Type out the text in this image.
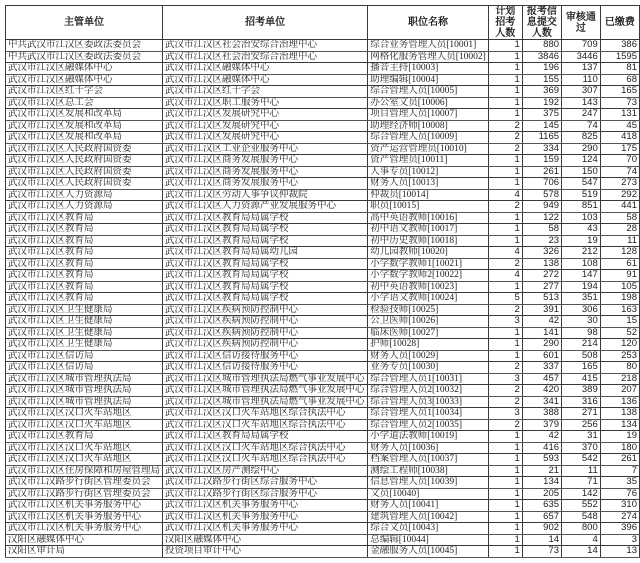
主管单位	招考单位	职位名称	计划招考人数	报考信息提交人数	审核通过	已缴费
中共武汉市江汉区委政法委员会	武汉市江汉区社会治安综合治理中心	综合业务管理人员[10001]	1	880	709	386
中共武汉市江汉区委政法委员会	武汉市江汉区社会治安综合治理中心	网格化服务管理人员[10002]	1	3846	3446	1595
武汉市江汉区融媒体中心	武汉市江汉区融媒体中心	播音主持[10003]	1	196	137	81
武汉市江汉区融媒体中心	武汉市江汉区融媒体中心	助理编辑[10004]	1	155	110	68
武汉市江汉区红十字会	武汉市江汉区红十字会	综合管理人员[10005]	1	369	307	165
武汉市江汉区总工会	武汉市江汉区职工服务中心	办公室文员[10006]	1	192	143	73
武汉市江汉区发展和改革局	武汉市江汉区发展研究中心	项目管理人员[10007]	1	375	247	131
武汉市江汉区发展和改革局	武汉市江汉区发展研究中心	助理经济师[10008]	2	145	74	45
武汉市江汉区发展和改革局	武汉市江汉区发展研究中心	综合管理人员[10009]	2	1165	825	418
武汉市江汉区人民政府国资委	武汉市江汉区工业企业服务中心	资产运营管理员[10010]	2	334	290	175
武汉市江汉区人民政府国资委	武汉市江汉区商务发展服务中心	资产管理员[10011]	1	159	124	70
武汉市江汉区人民政府国资委	武汉市江汉区商务发展服务中心	人事专员[10012]	1	261	150	74
武汉市江汉区人民政府国资委	武汉市江汉区商务发展服务中心	财务人员[10013]	1	706	547	273
武汉市江汉区人力资源局	武汉市江汉区劳动人事争议仲裁院	仲裁员[10014]	4	578	519	292
武汉市江汉区人力资源局	武汉市江汉区人力资源产业发展服务中心	职员[10015]	2	949	851	441
武汉市江汉区教育局	武汉市江汉区教育局局属学校	高中英语教师[10016]	1	122	103	58
武汉市江汉区教育局	武汉市江汉区教育局局属学校	初中语文教师[10017]	1	58	43	28
武汉市江汉区教育局	武汉市江汉区教育局局属学校	初中历史教师[10018]	1	23	19	11
武汉市江汉区教育局	武汉市江汉区教育局局属幼儿园	幼儿园教师[10020]	4	326	212	128
武汉市江汉区教育局	武汉市江汉区教育局局属学校	小学数学教师1[10021]	2	138	108	61
武汉市江汉区教育局	武汉市江汉区教育局局属学校	小学数学教师2[10022]	4	272	147	91
武汉市江汉区教育局	武汉市江汉区教育局局属学校	初中英语教师[10023]	1	277	194	105
武汉市江汉区教育局	武汉市江汉区教育局局属学校	小学语文教师[10024]	5	513	351	198
武汉市江汉区卫生健康局	武汉市江汉区疾病预防控制中心	检验技师[10025]	2	391	306	163
武汉市江汉区卫生健康局	武汉市江汉区疾病预防控制中心	公卫医师[10026]	3	42	30	15
武汉市江汉区卫生健康局	武汉市江汉区疾病预防控制中心	临床医师[10027]	1	141	98	52
武汉市江汉区卫生健康局	武汉市江汉区疾病预防控制中心	护师[10028]	1	290	214	120
武汉市江汉区信访局	武汉市江汉区信访接待服务中心	财务人员[10029]	1	601	508	253
武汉市江汉区信访局	武汉市江汉区信访接待服务中心	业务专员[10030]	2	337	165	80
武汉市江汉区城市管理执法局	武汉市江汉区城市管理执法局燃气事业发展中心	综合管理人员1[10031]	3	457	415	218
武汉市江汉区城市管理执法局	武汉市江汉区城市管理执法局燃气事业发展中心	综合管理人员2[10032]	2	420	389	207
武汉市江汉区城市管理执法局	武汉市江汉区城市管理执法局燃气事业发展中心	综合管理人员3[10033]	2	341	316	136
武汉市江汉区汉口火车站地区	武汉市江汉区汉口火车站地区综合执法中心	综合管理人员1[10034]	3	388	271	138
武汉市江汉区汉口火车站地区	武汉市江汉区汉口火车站地区综合执法中心	综合管理人员2[10035]	2	379	256	134
武汉市江汉区教育局	武汉市江汉区教育局局属学校	小学道法教师[10019]	1	42	31	19
武汉市江汉区汉口火车站地区	武汉市江汉区汉口火车站地区综合执法中心	财务人员[10036]	1	416	370	180
武汉市江汉区汉口火车站地区	武汉市江汉区汉口火车站地区综合执法中心	档案管理人员[10037]	1	593	542	261
武汉市江汉区住房保障和房屋管理局	武汉市江汉区房产测绘中心	测绘工程师[10038]	1	21	11	7
武汉市江汉路步行街区管理委员会	武汉市江汉路步行街区综合服务中心	信息管理人员[10039]	1	134	71	35
武汉市江汉路步行街区管理委员会	武汉市江汉路步行街区综合服务中心	文员[10040]	1	205	142	76
武汉市江汉区机关事务服务中心	武汉市江汉区机关事务服务中心	财务人员[10041]	1	635	552	310
武汉市江汉区机关事务服务中心	武汉市江汉区机关事务服务中心	建筑管理人员[10042]	1	657	548	274
武汉市江汉区机关事务服务中心	武汉市江汉区机关事务服务中心	综合文员[10043]	1	902	800	396
汉阳区融媒体中心	汉阳区融媒体中心	总编辑[10044]	1	14	4	3
汉阳区审计局	投资项目审计中心	金融服务人员[10045]	1	73	14	13
